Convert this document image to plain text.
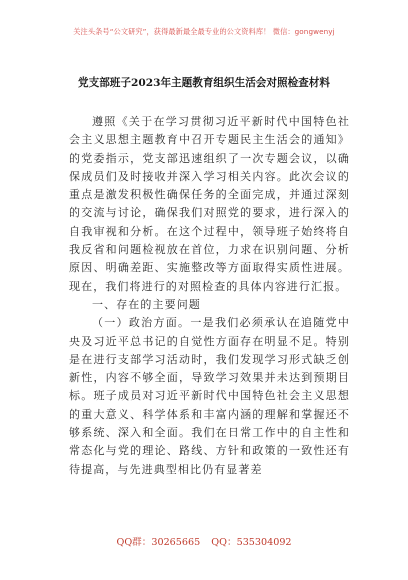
关注头条号“公文研究”，获得最新最全最专业的公文资料库！ 微信：gongwenyj
党支部班子2023年主题教育组织生活会对照检查材料

遵照《关于在学习贯彻习近平新时代中国特色社会主义思想主题教育中召开专题民主生活会的通知》的党委指示，党支部迅速组织了一次专题会议，以确保成员们及时接收并深入学习相关内容。此次会议的重点是激发积极性确保任务的全面完成，并通过深刻的交流与讨论，确保我们对照党的要求，进行深入的自我审视和分析。在这个过程中，领导班子始终将自我反省和问题检视放在首位，力求在识别问题、分析原因、明确差距、实施整改等方面取得实质性进展。现在，我们将进行的对照检查的具体内容进行汇报。

一、存在的主要问题

（一）政治方面。一是我们必须承认在追随党中央及习近平总书记的自觉性方面存在明显不足。特别是在进行支部学习活动时，我们发现学习形式缺乏创新性，内容不够全面，导致学习效果并未达到预期目标。班子成员对习近平新时代中国特色社会主义思想的重大意义、科学体系和丰富内涵的理解和掌握还不够系统、深入和全面。我们在日常工作中的自主性和常态化与党的理论、路线、方针和政策的一致性还有待提高，与先进典型相比仍有显著差

QQ群：30265665 QQ：535304092
